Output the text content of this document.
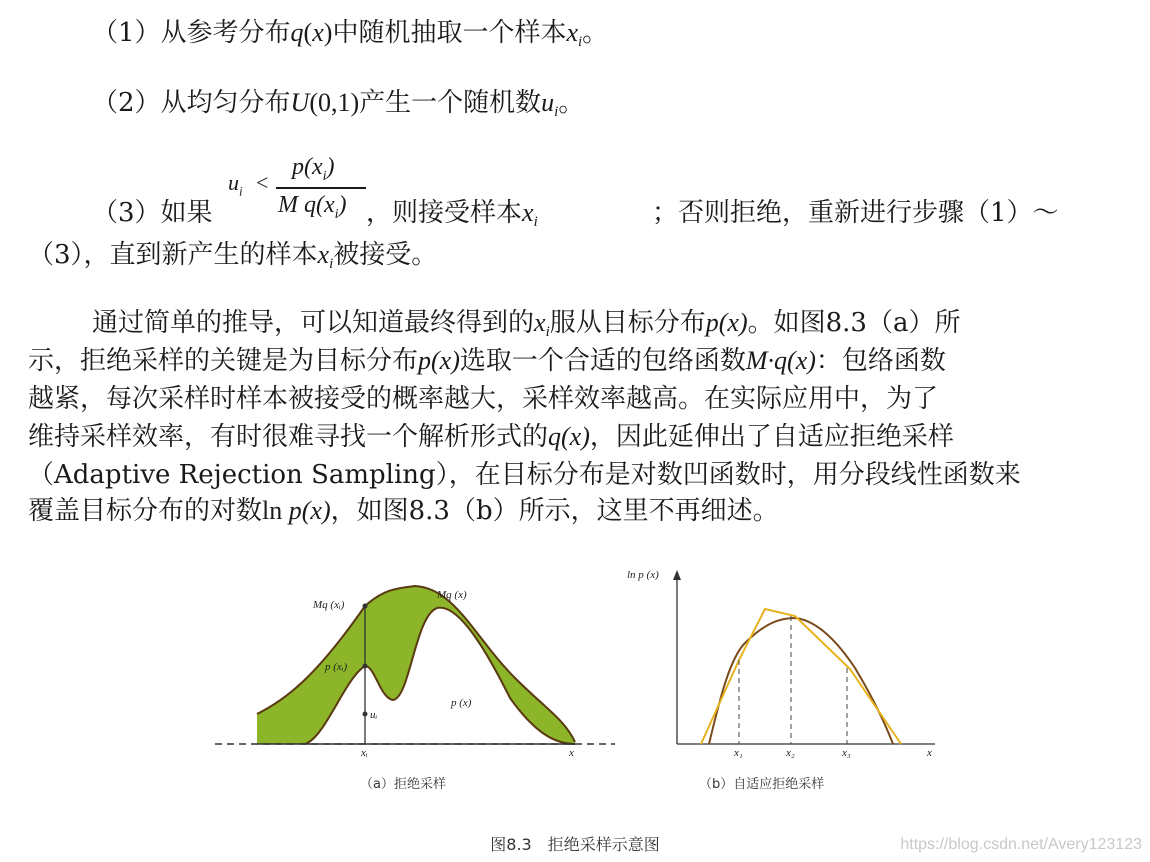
（1）从参考分布q(x)中随机抽取一个样本$x_i$。
（2）从均匀分布U(0,1)产生一个随机数$u_i$。
$u_i$ <
$p(x_i)$
M $q(x_i)$
（3）如果	，则接受样本$x_i$	；否则拒绝，重新进行步骤（1）～
（3），直到新产生的样本$x_i$被接受。
通过简单的推导，可以知道最终得到的$x_i$服从目标分布p(x)。如图8.3（a）所
示，拒绝采样的关键是为目标分布p(x)选取一个合适的包络函数M·q(x)：包络函数
越紧，每次采样时样本被接受的概率越大，采样效率越高。在实际应用中，为了
维持采样效率，有时很难寻找一个解析形式的q(x)，因此延伸出了自适应拒绝采样
（Adaptive Rejection Sampling），在目标分布是对数凹函数时，用分段线性函数来
覆盖目标分布的对数ln p(x)，如图8.3（b）所示，这里不再细述。
Mq (xᵢ)
Mq (x)
p (xᵢ)
uᵢ
p (x)
xᵢ	x
（a）拒绝采样
ln p (x)
x₁	x₂	x₃	x
（b）自适应拒绝采样
图8.3　拒绝采样示意图	https://blog.csdn.net/Avery123123
